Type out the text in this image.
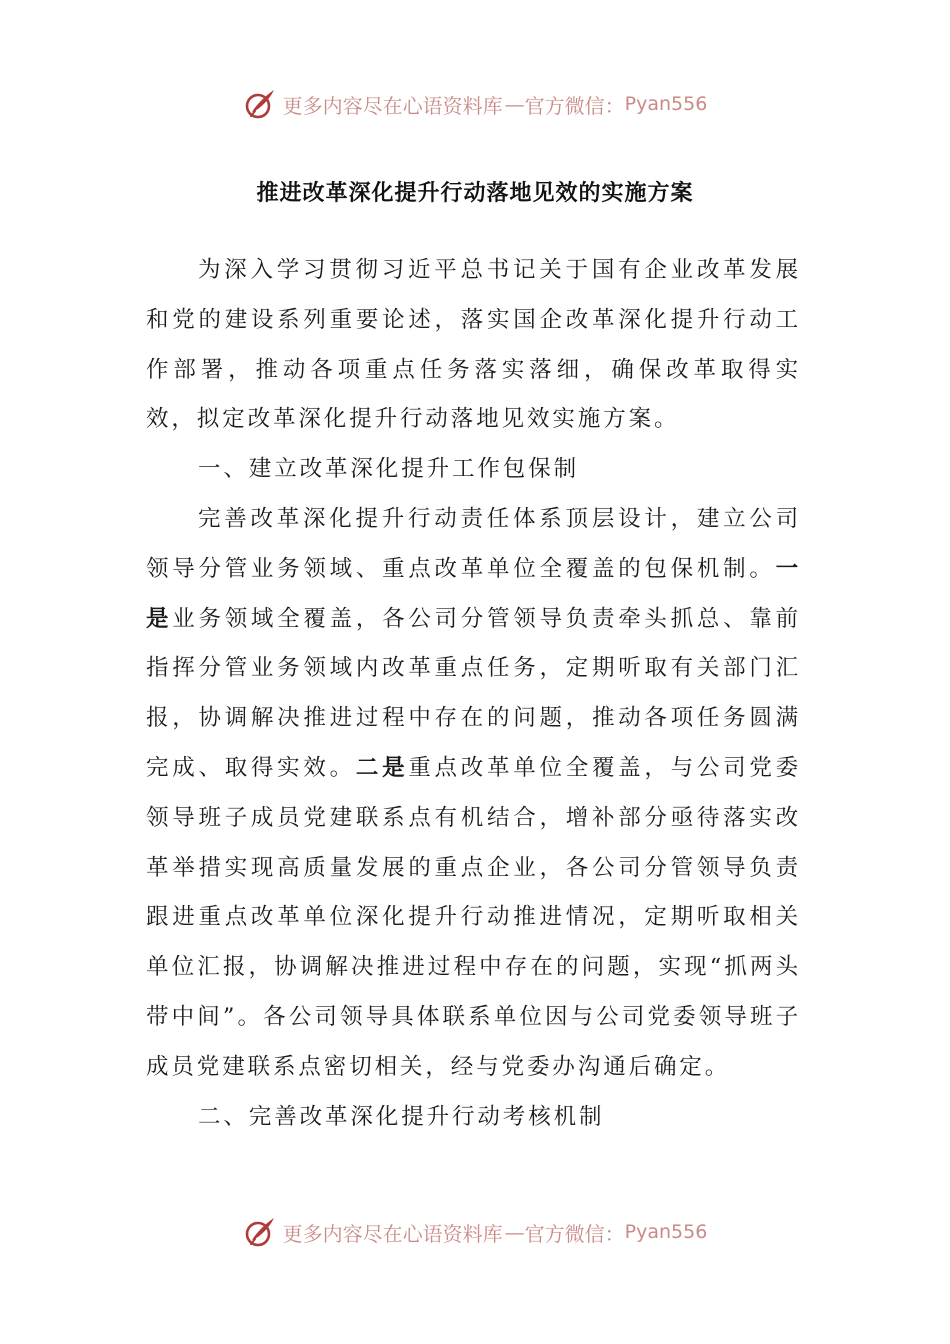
更多内容尽在心语资料库 — 官方微信： Pyan556
推进改革深化提升行动落地见效的实施方案

为深入学习贯彻习近平总书记关于国有企业改革发展和党的建设系列重要论述，落实国企改革深化提升行动工作部署，推动各项重点任务落实落细，确保改革取得实效，拟定改革深化提升行动落地见效实施方案。

一、建立改革深化提升工作包保制

完善改革深化提升行动责任体系顶层设计，建立公司领导分管业务领域、重点改革单位全覆盖的包保机制。一是业务领域全覆盖，各公司分管领导负责牵头抓总、靠前指挥分管业务领域内改革重点任务，定期听取有关部门汇报，协调解决推进过程中存在的问题，推动各项任务圆满完成、取得实效。二是重点改革单位全覆盖，与公司党委领导班子成员党建联系点有机结合，增补部分亟待落实改革举措实现高质量发展的重点企业，各公司分管领导负责跟进重点改革单位深化提升行动推进情况，定期听取相关单位汇报，协调解决推进过程中存在的问题，实现“抓两头带中间”。各公司领导具体联系单位因与公司党委领导班子成员党建联系点密切相关，经与党委办沟通后确定。

二、完善改革深化提升行动考核机制

更多内容尽在心语资料库 — 官方微信： Pyan556
